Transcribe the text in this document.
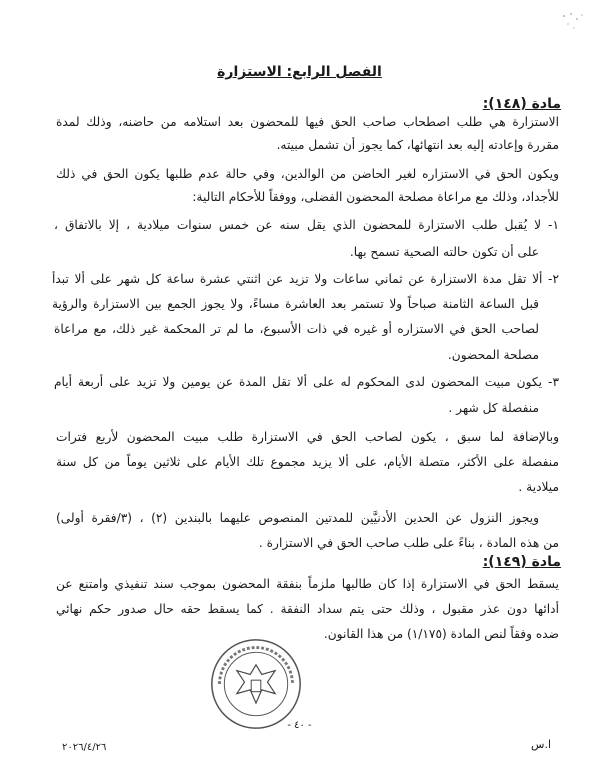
الفصل الرابع: الاستزارة
مادة (١٤٨):
الاستزارة هي طلب اصطحاب صاحب الحق فيها للمحضون بعد استلامه من حاضنه، وذلك لمدة
مقررة وإعادته إليه بعد انتهائها، كما يجوز أن تشمل مبيته.
ويكون الحق في الاستزاره لغير الحاضن من الوالدين، وفي حالة عدم طلبها يكون الحق في ذلك
للأجداد، وذلك مع مراعاة مصلحة المحضون الفضلى، ووفقاً للأحكام التالية:
١- لا يُقبل طلب الاستزارة للمحضون الذي يقل سنه عن خمس سنوات ميلادية ، إلا بالاتفاق ،
على أن تكون حالته الصحية تسمح بها.
٢- ألا تقل مدة الاستزارة عن ثماني ساعات ولا تزيد عن اثنتي عشرة ساعة كل شهر على ألا تبدأ
قبل الساعة الثامنة صباحاً ولا تستمر بعد العاشرة مساءً، ولا يجوز الجمع بين الاستزارة والرؤية
لصاحب الحق في الاستزاره أو غيره في ذات الأسبوع، ما لم تر المحكمة غير ذلك، مع مراعاة
مصلحة المحضون.
٣- يكون مبيت المحضون لدى المحكوم له على ألا تقل المدة عن يومين ولا تزيد على أربعة أيام
منفصلة كل شهر .
وبالإضافة لما سبق ، يكون لصاحب الحق في الاستزارة طلب مبيت المحضون لأربع فترات
منفصلة على الأكثر، متصلة الأيام، على ألا يزيد مجموع تلك الأيام على ثلاثين يوماً من كل سنة
ميلادية .
ويجوز النزول عن الحدين الأدنيَّين للمدتين المنصوص عليهما بالبندين (٢) ، (٣/فقرة أولى)
من هذه المادة ، بناءً على طلب صاحب الحق في الاستزارة .
مادة (١٤٩):
يسقط الحق في الاستزارة إذا كان طالبها ملزماً بنفقة المحضون بموجب سند تنفيذي وامتنع عن
أدائها دون عذر مقبول ، وذلك حتى يتم سداد النفقة . كما يسقط حقه حال صدور حكم نهائي
ضده وفقاً لنص المادة (١/١٧٥) من هذا القانون.
- ٤٠ -
٢٠٢٦/٤/٢٦	ا.س
